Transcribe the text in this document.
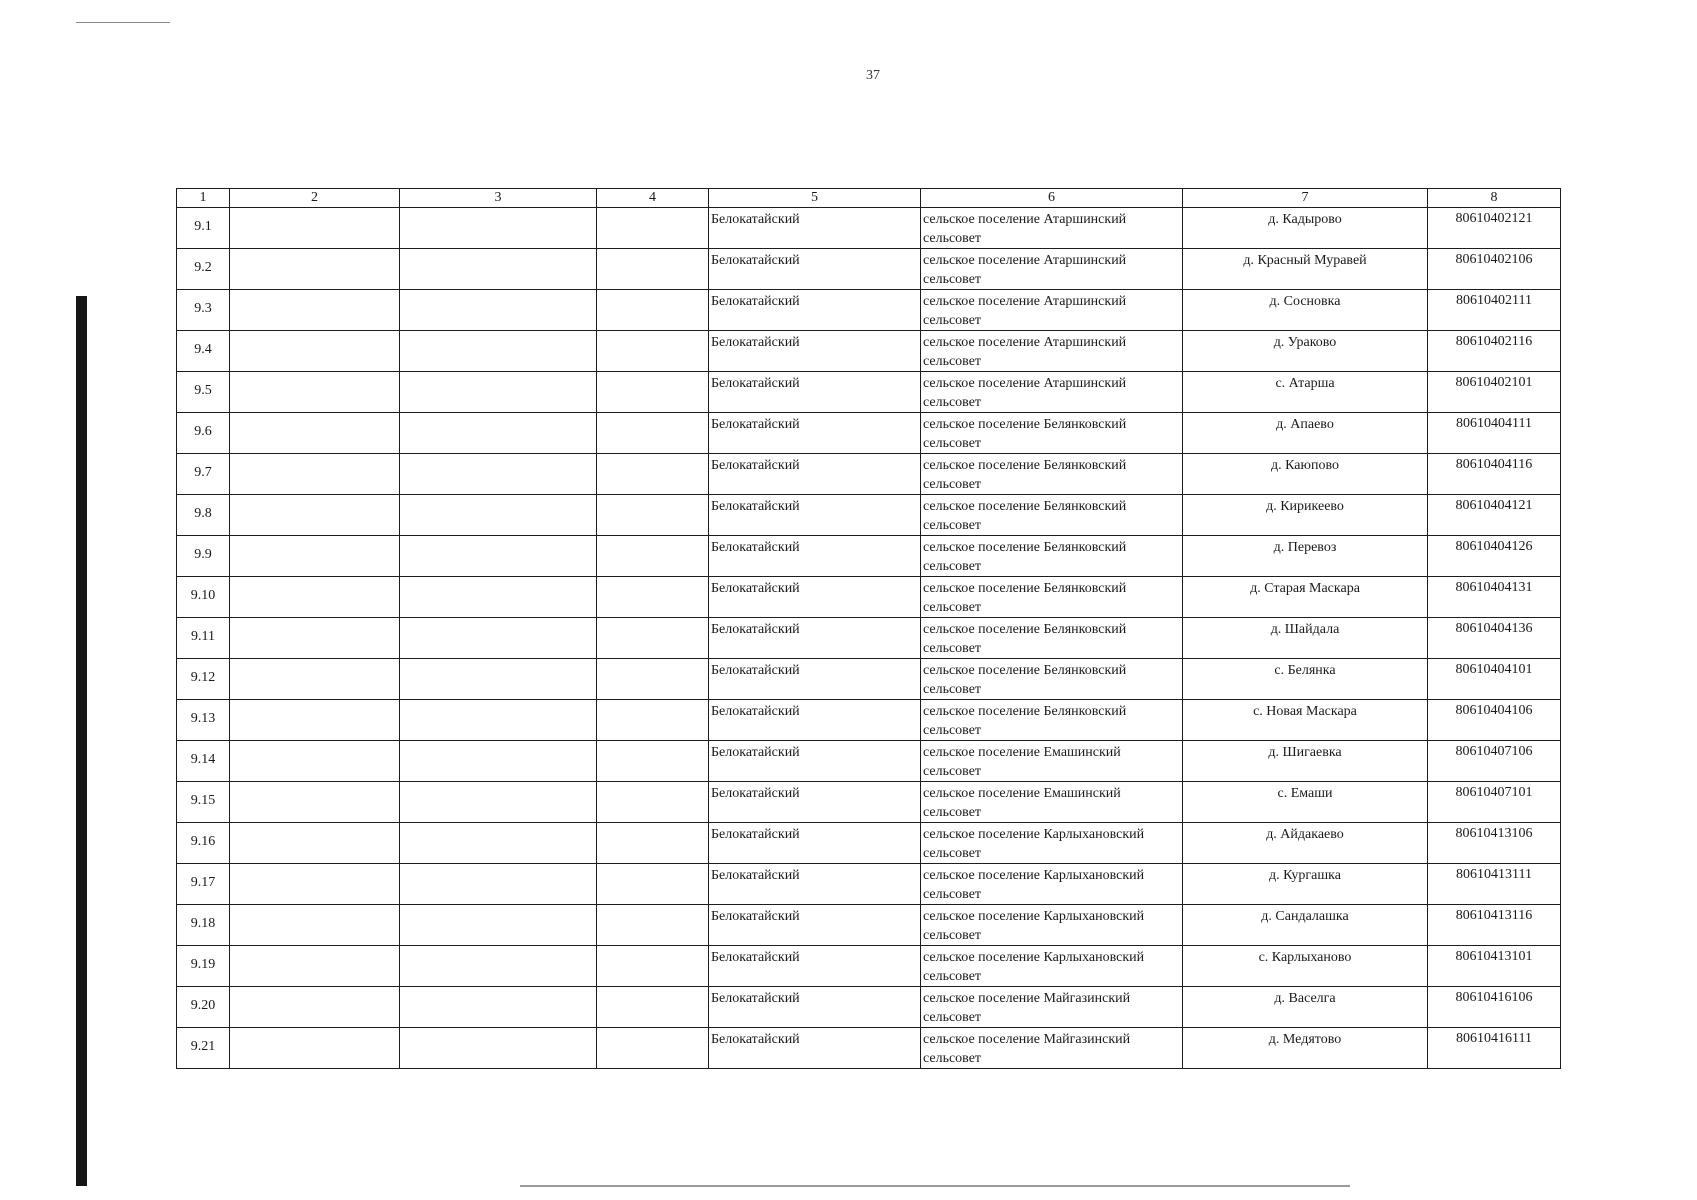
37
1	2	3	4	5	6	7	8
9.1				Белокатайский	сельское поселение Атаршинский сельсовет	д. Кадырово	80610402121
9.2				Белокатайский	сельское поселение Атаршинский сельсовет	д. Красный Муравей	80610402106
9.3				Белокатайский	сельское поселение Атаршинский сельсовет	д. Сосновка	80610402111
9.4				Белокатайский	сельское поселение Атаршинский сельсовет	д. Ураково	80610402116
9.5				Белокатайский	сельское поселение Атаршинский сельсовет	с. Атарша	80610402101
9.6				Белокатайский	сельское поселение Белянковский сельсовет	д. Апаево	80610404111
9.7				Белокатайский	сельское поселение Белянковский сельсовет	д. Каюпово	80610404116
9.8				Белокатайский	сельское поселение Белянковский сельсовет	д. Кирикеево	80610404121
9.9				Белокатайский	сельское поселение Белянковский сельсовет	д. Перевоз	80610404126
9.10				Белокатайский	сельское поселение Белянковский сельсовет	д. Старая Маскара	80610404131
9.11				Белокатайский	сельское поселение Белянковский сельсовет	д. Шайдала	80610404136
9.12				Белокатайский	сельское поселение Белянковский сельсовет	с. Белянка	80610404101
9.13				Белокатайский	сельское поселение Белянковский сельсовет	с. Новая Маскара	80610404106
9.14				Белокатайский	сельское поселение Емашинский сельсовет	д. Шигаевка	80610407106
9.15				Белокатайский	сельское поселение Емашинский сельсовет	с. Емаши	80610407101
9.16				Белокатайский	сельское поселение Карлыхановский сельсовет	д. Айдакаево	80610413106
9.17				Белокатайский	сельское поселение Карлыхановский сельсовет	д. Кургашка	80610413111
9.18				Белокатайский	сельское поселение Карлыхановский сельсовет	д. Сандалашка	80610413116
9.19				Белокатайский	сельское поселение Карлыхановский сельсовет	с. Карлыханово	80610413101
9.20				Белокатайский	сельское поселение Майгазинский сельсовет	д. Васелга	80610416106
9.21				Белокатайский	сельское поселение Майгазинский сельсовет	д. Медятово	80610416111
